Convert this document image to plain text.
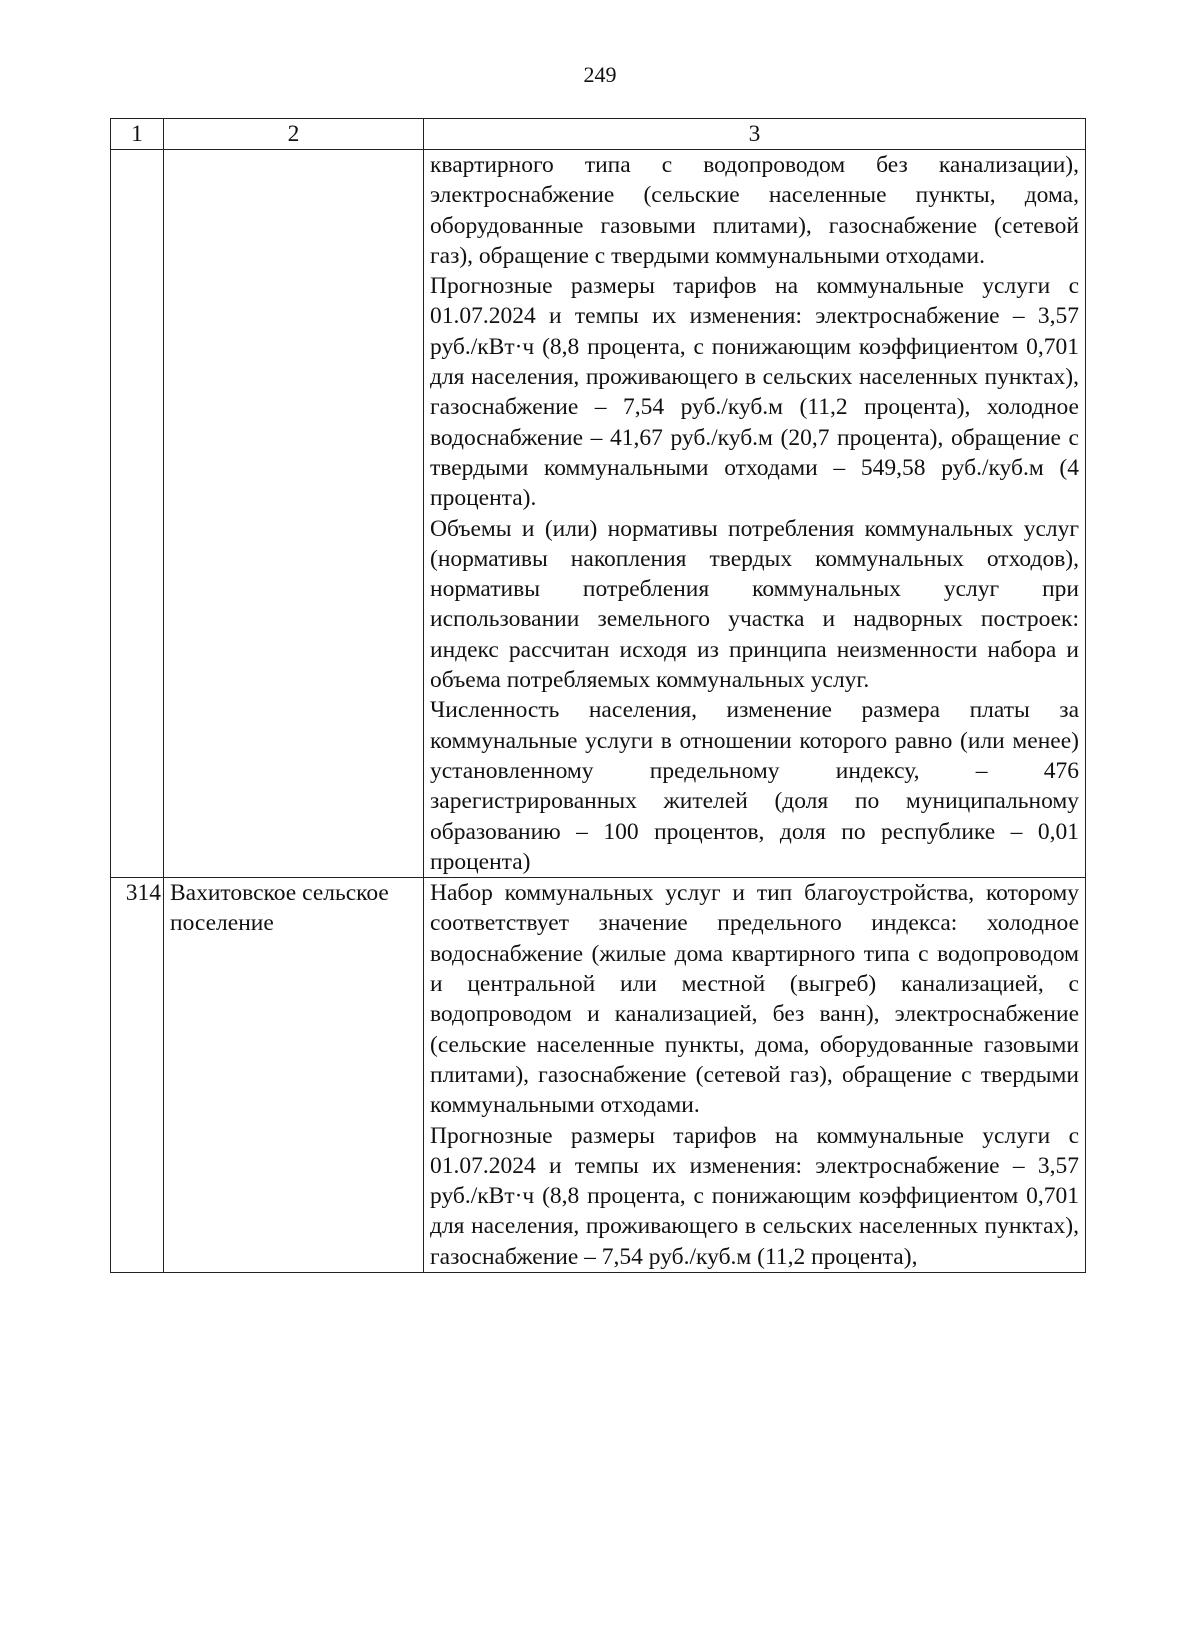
249
1	2	3

		квартирного типа с водопроводом без канализации), электроснабжение (сельские населенные пункты, дома, оборудованные газовыми плитами), газоснабжение (сетевой газ), обращение с твердыми коммунальными отходами.

Прогнозные размеры тарифов на коммунальные услуги с 01.07.2024 и темпы их изменения: электроснабжение – 3,57 руб./кВт·ч (8,8 процента, с понижающим коэффициентом 0,701 для населения, проживающего в сельских населенных пунктах), газоснабжение – 7,54 руб./куб.м (11,2 процента), холодное водоснабжение – 41,67 руб./куб.м (20,7 процента), обращение с твердыми коммунальными отходами – 549,58 руб./куб.м (4 процента).

Объемы и (или) нормативы потребления коммунальных услуг (нормативы накопления твердых коммунальных отходов), нормативы потребления коммунальных услуг при использовании земельного участка и надворных построек: индекс рассчитан исходя из принципа неизменности набора и объема потребляемых коммунальных услуг.

Численность населения, изменение размера платы за коммунальные услуги в отношении которого равно (или менее) установленному предельному индексу, – 476 зарегистрированных жителей (доля по муниципальному образованию – 100 процентов, доля по республике – 0,01 процента)

314	Вахитовское сельское поселение	Набор коммунальных услуг и тип благоустройства, которому соответствует значение предельного индекса: холодное водоснабжение (жилые дома квартирного типа с водопроводом и центральной или местной (выгреб) канализацией, с водопроводом и канализацией, без ванн), электроснабжение (сельские населенные пункты, дома, оборудованные газовыми плитами), газоснабжение (сетевой газ), обращение с твердыми коммунальными отходами.

Прогнозные размеры тарифов на коммунальные услуги с 01.07.2024 и темпы их изменения: электроснабжение – 3,57 руб./кВт·ч (8,8 процента, с понижающим коэффициентом 0,701 для населения, проживающего в сельских населенных пунктах), газоснабжение – 7,54 руб./куб.м (11,2 процента),
